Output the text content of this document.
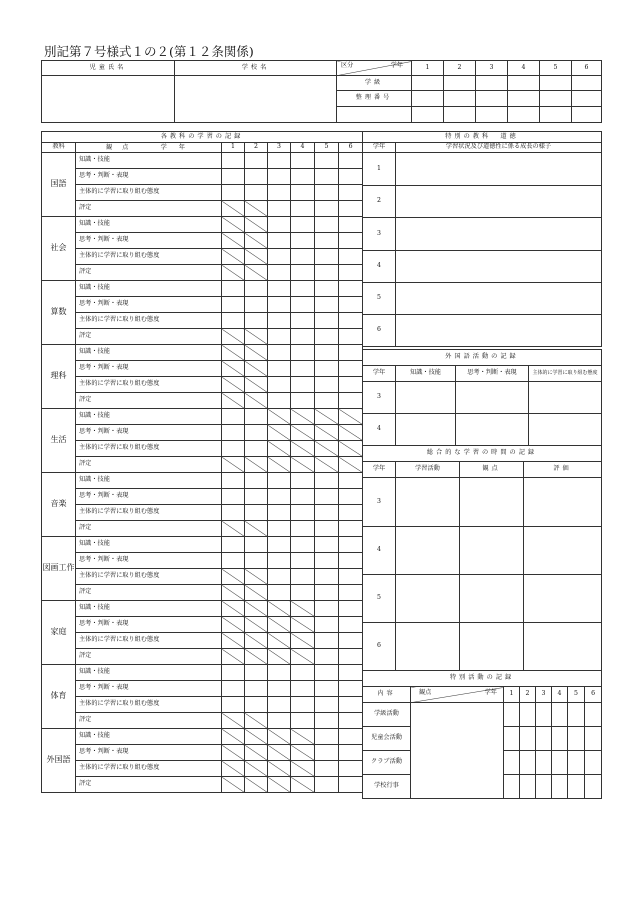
別記第７号様式１の２(第１２条関係)
児童氏名	学校名	区分 学年	1	2	3	4	5	6
		学級						
		整理番号						

各教科の学習の記録							
教科	観点 学年	1	2	3	4	5	6
国語	知識・技能						
	思考・判断・表現						
	主体的に学習に取り組む態度						
	評定						
社会	知識・技能						
	思考・判断・表現						
	主体的に学習に取り組む態度						
	評定						
算数	知識・技能						
	思考・判断・表現						
	主体的に学習に取り組む態度						
	評定						
理科	知識・技能						
	思考・判断・表現						
	主体的に学習に取り組む態度						
	評定						
生活	知識・技能						
	思考・判断・表現						
	主体的に学習に取り組む態度						
	評定						
音楽	知識・技能						
	思考・判断・表現						
	主体的に学習に取り組む態度						
	評定						
図画工作	知識・技能						
	思考・判断・表現						
	主体的に学習に取り組む態度						
	評定						
家庭	知識・技能						
	思考・判断・表現						
	主体的に学習に取り組む態度						
	評定						
体育	知識・技能						
	思考・判断・表現						
	主体的に学習に取り組む態度						
	評定						
外国語	知識・技能						
	思考・判断・表現						
	主体的に学習に取り組む態度						
	評定						
特別の教科　道徳	
学年	学習状況及び道徳性に係る成長の様子
1	
2	
3	
4	
5	
6	
外国語活動の記録			
学年	知識・技能	思考・判断・表現	主体的に学習に取り組む態度
3			
4			
総合的な学習の時間の記録			
学年	学習活動	観点	評価
3			
4			
5			
6			
特別活動の記録							
内容	観点 学年	1	2	3	4	5	6
学級活動							
児童会活動							
クラブ活動							
学校行事							
